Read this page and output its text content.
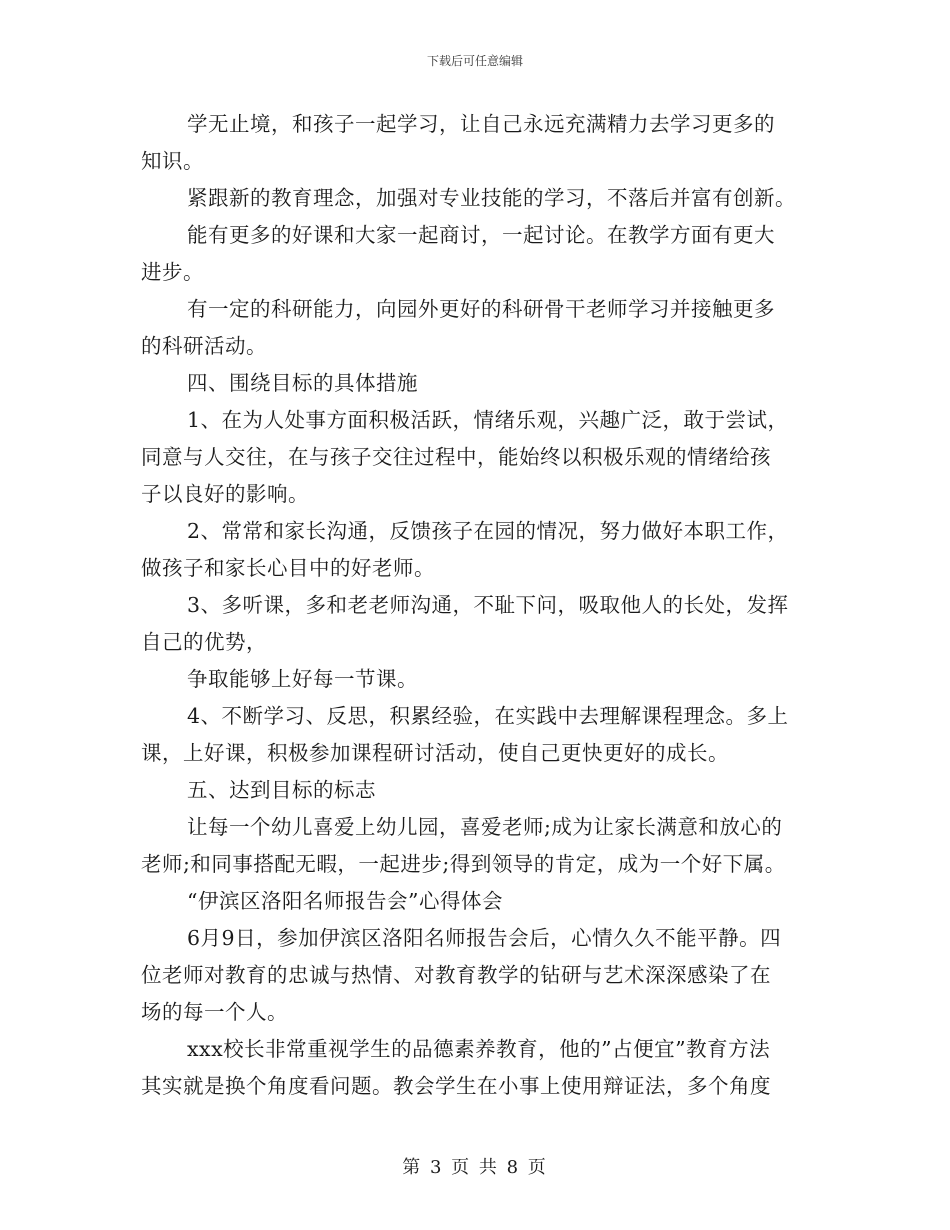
下载后可任意编辑
学无止境，和孩子一起学习，让自己永远充满精力去学习更多的
知识。
紧跟新的教育理念，加强对专业技能的学习，不落后并富有创新。
能有更多的好课和大家一起商讨，一起讨论。在教学方面有更大
进步。
有一定的科研能力，向园外更好的科研骨干老师学习并接触更多
的科研活动。
四、围绕目标的具体措施
1、在为人处事方面积极活跃，情绪乐观，兴趣广泛，敢于尝试，
同意与人交往，在与孩子交往过程中，能始终以积极乐观的情绪给孩
子以良好的影响。
2、常常和家长沟通，反馈孩子在园的情况，努力做好本职工作，
做孩子和家长心目中的好老师。
3、多听课，多和老老师沟通，不耻下问，吸取他人的长处，发挥
自己的优势，
争取能够上好每一节课。
4、不断学习、反思，积累经验，在实践中去理解课程理念。多上
课，上好课，积极参加课程研讨活动，使自己更快更好的成长。
五、达到目标的标志
让每一个幼儿喜爱上幼儿园，喜爱老师;成为让家长满意和放心的
老师;和同事搭配无暇，一起进步;得到领导的肯定，成为一个好下属。
“伊滨区洛阳名师报告会”心得体会
6月9日，参加伊滨区洛阳名师报告会后，心情久久不能平静。四
位老师对教育的忠诚与热情、对教育教学的钻研与艺术深深感染了在
场的每一个人。
xxx校长非常重视学生的品德素养教育，他的”占便宜”教育方法
其实就是换个角度看问题。教会学生在小事上使用辩证法，多个角度
第 3 页 共 8 页
